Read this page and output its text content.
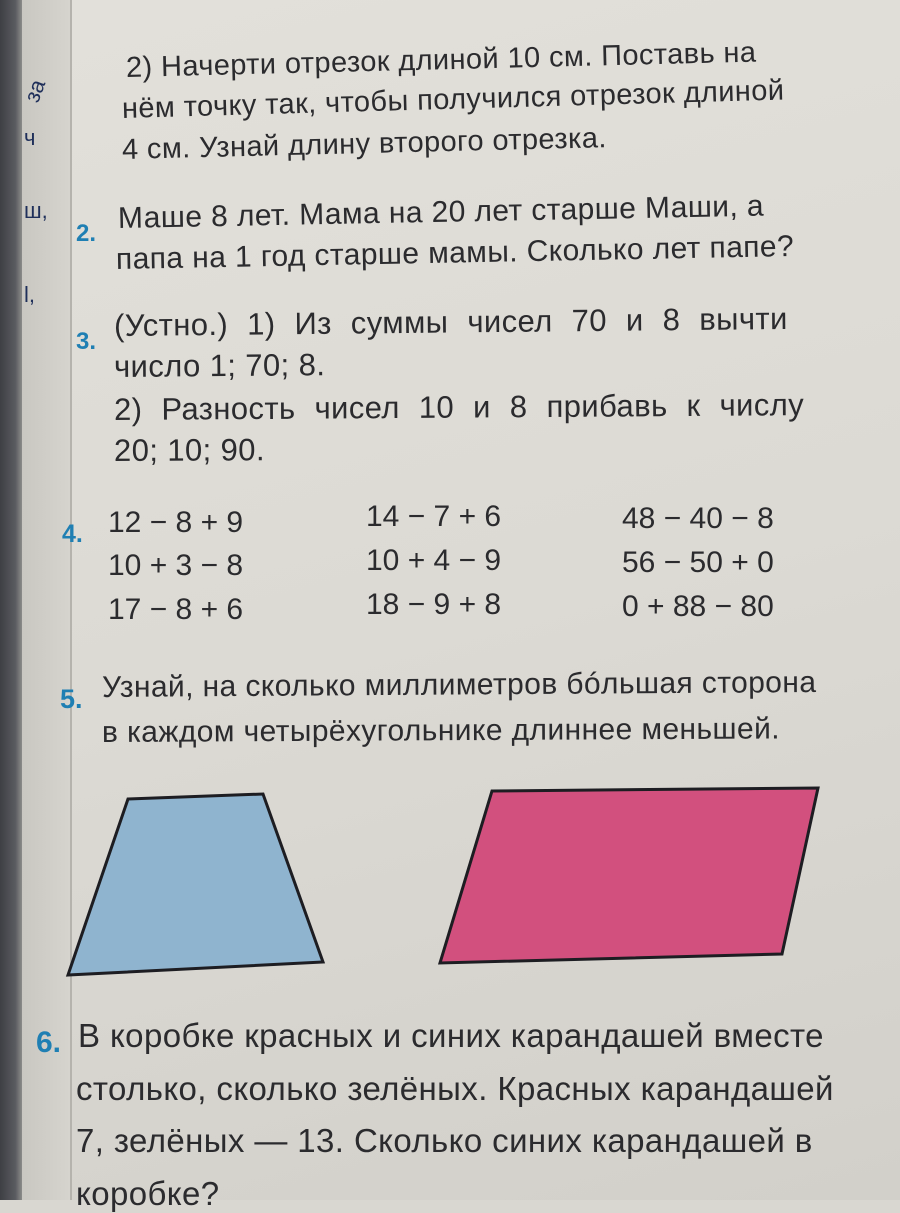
за
ч
ш,
l,
2) Начерти отрезок длиной 10 см. Поставь на
нём точку так, чтобы получился отрезок длиной
4 см. Узнай длину второго отрезка.
2. Маше 8 лет. Мама на 20 лет старше Маши, а
папа на 1 год старше мамы. Сколько лет папе?
3. (Устно.) 1) Из суммы чисел 70 и 8 вычти
число 1; 70; 8.
2) Разность чисел 10 и 8 прибавь к числу
20; 10; 90.
4. 12 − 8 + 9
10 + 3 − 8
17 − 8 + 6
14 − 7 + 6
10 + 4 − 9
18 − 9 + 8
48 − 40 − 8
56 − 50 + 0
0 + 88 − 80
5. Узнай, на сколько миллиметров бóльшая сторона
в каждом четырёхугольнике длиннее меньшей.
6. В коробке красных и синих карандашей вместе
столько, сколько зелёных. Красных карандашей
7, зелёных — 13. Сколько синих карандашей в
коробке?
